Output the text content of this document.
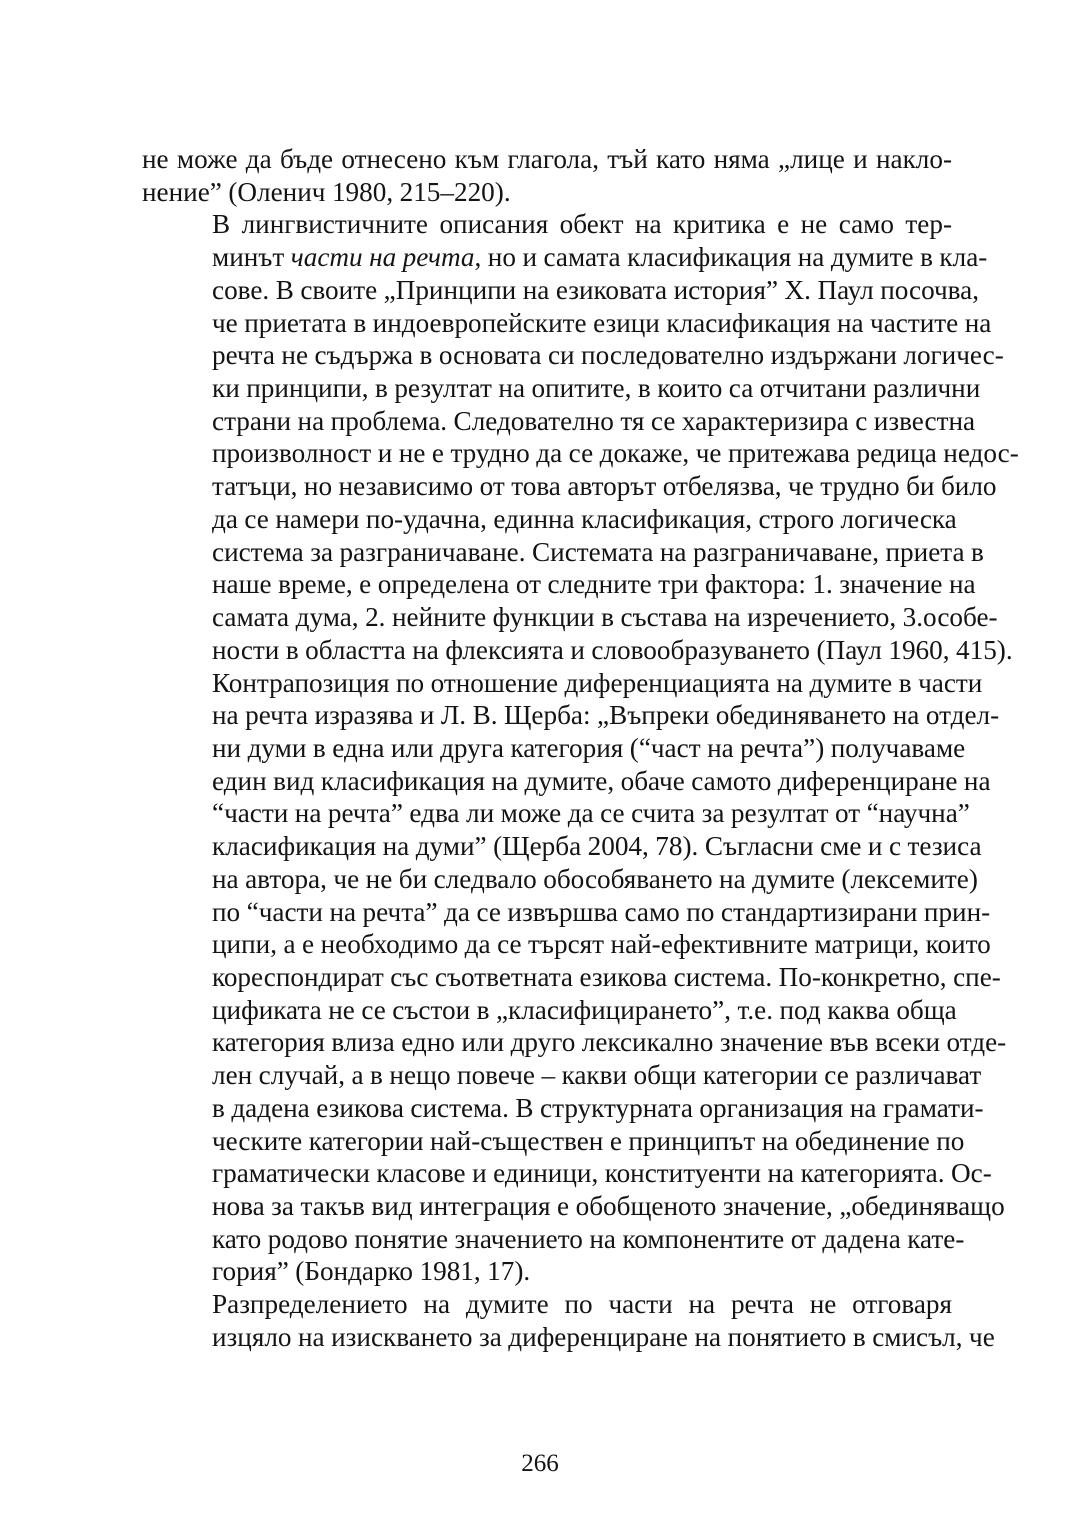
не може да бъде отнесено към глагола, тъй като няма „лице и накло-
нение” (Оленич 1980, 215–220).

В лингвистичните описания обект на критика е не само тер-
минът части на речта, но и самата класификация на думите в кла-
сове. В своите „Принципи на езиковата история” Х. Паул посочва,
че приетата в индоевропейските езици класификация на частите на
речта не съдържа в основата си последователно издържани логичес-
ки принципи, в резултат на опитите, в които са отчитани различни
страни на проблема. Следователно тя се характеризира с известна
произволност и не е трудно да се докаже, че притежава редица недос-
татъци, но независимо от това авторът отбелязва, че трудно би било
да се намери по-удачна, единна класификация, строго логическа
система за разграничаване. Системата на разграничаване, приета в
наше време, е определена от следните три фактора: 1. значение на
самата дума, 2. нейните функции в състава на изречението, 3.особе-
ности в областта на флексията и словообразуването (Паул 1960, 415).
Контрапозиция по отношение диференциацията на думите в части
на речта изразява и Л. В. Щерба: „Въпреки обединяването на отдел-
ни думи в една или друга категория (“част на речта”) получаваме
един вид класификация на думите, обаче самото диференциране на
“части на речта” едва ли може да се счита за резултат от “научна”
класификация на думи” (Щерба 2004, 78). Съгласни сме и с тезиса
на автора, че не би следвало обособяването на думите (лексемите)
по “части на речта” да се извършва само по стандартизирани прин-
ципи, а е необходимо да се търсят най-ефективните матрици, които
кореспондират със съответната езикова система. По-конкретно, спе-
цификата не се състои в „класифицирането”, т.е. под каква обща
категория влиза едно или друго лексикално значение във всеки отде-
лен случай, а в нещо повече – какви общи категории се различават
в дадена езикова система. В структурната организация на грамати-
ческите категории най-съществен е принципът на обединение по
граматически класове и единици, конституенти на категорията. Ос-
нова за такъв вид интеграция е обобщеното значение, „обединяващо
като родово понятие значението на компонентите от дадена кате-
гория” (Бондарко 1981, 17).

Разпределението на думите по части на речта не отговаря
изцяло на изискването за диференциране на понятието в смисъл, че

266
